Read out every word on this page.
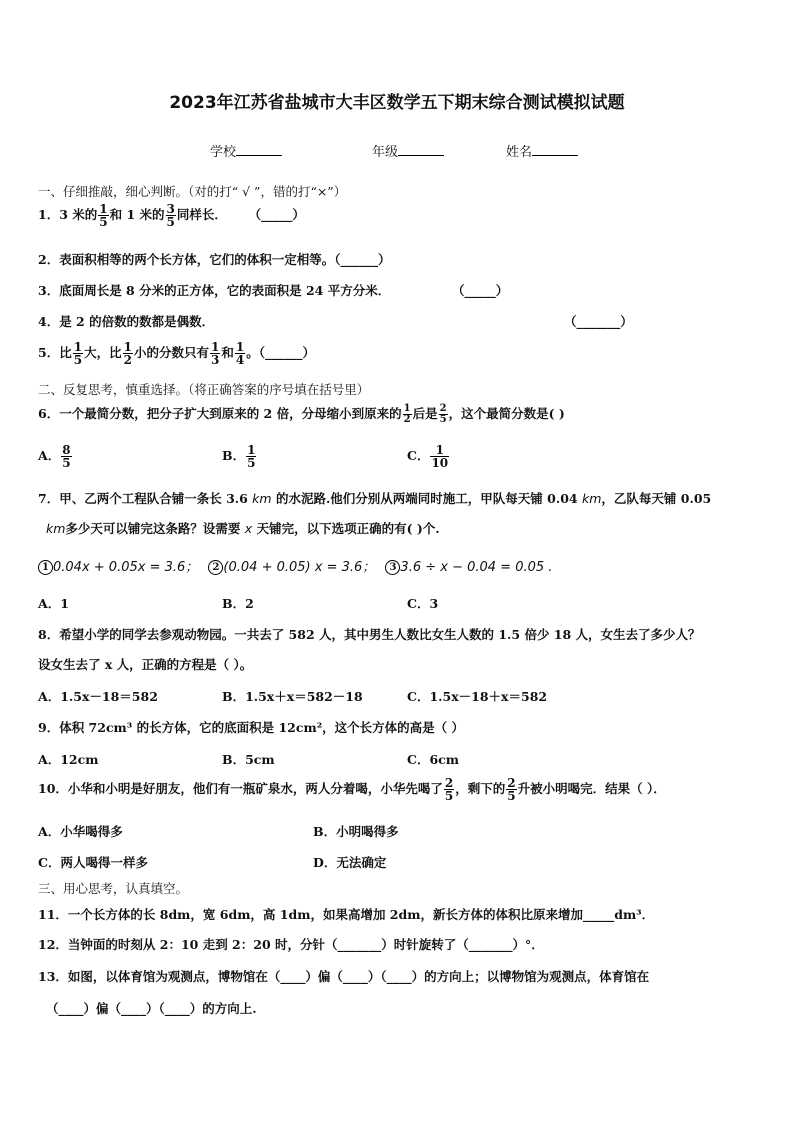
2023年江苏省盐城市大丰区数学五下期末综合测试模拟试题
学校	年级	姓名
一、仔细推敲，细心判断。（对的打“ √ ”，错的打“×”）
1．3 米的 $\frac{1}{5}$ 和 1 米的 $\frac{3}{5}$ 同样长． （_____）
2．表面积相等的两个长方体，它们的体积一定相等。（______）
3．底面周长是 8 分米的正方体，它的表面积是 24 平方分米．	（_____）
4．是 2 的倍数的数都是偶数．	（_______）
5．比 $\frac{1}{5}$ 大，比 $\frac{1}{2}$ 小的分数只有 $\frac{1}{3}$ 和 $\frac{1}{4}$ 。（______）
二、反复思考，慎重选择。（将正确答案的序号填在括号里）
6．一个最简分数，把分子扩大到原来的 2 倍，分母缩小到原来的 $\frac{1}{2}$ 后是 $\frac{2}{5}$ ，这个最简分数是( )
A． $\frac{8}{5}$	B． $\frac{1}{5}$	C． $\frac{1}{10}$
7．甲、乙两个工程队合铺一条长 3.6 km 的水泥路.他们分别从两端同时施工，甲队每天铺 0.04 km，乙队每天铺 0.05
km多少天可以铺完这条路？设需要 x 天铺完，以下选项正确的有( )个.
1 0.04x + 0.05x = 3.6； 2 (0.04 + 0.05) x = 3.6； 3 3.6 ÷ x − 0.04 = 0.05 .
A．1	B．2	C．3
8．希望小学的同学去参观动物园。一共去了 582 人，其中男生人数比女生人数的 1.5 倍少 18 人，女生去了多少人？
设女生去了 x 人，正确的方程是（ ）。
A．1.5x－18＝582	B．1.5x＋x＝582－18	C．1.5x－18＋x＝582
9．体积 72cm³ 的长方体，它的底面积是 12cm²，这个长方体的高是（ ）
A．12cm	B．5cm	C．6cm
10．小华和小明是好朋友，他们有一瓶矿泉水，两人分着喝，小华先喝了 $\frac{2}{5}$ ，剩下的 $\frac{2}{5}$ 升被小明喝完．结果（ ）．
A．小华喝得多	B．小明喝得多
C．两人喝得一样多	D．无法确定
三、用心思考，认真填空。
11．一个长方体的长 8dm，宽 6dm，高 1dm，如果高增加 2dm，新长方体的体积比原来增加_____dm³．
12．当钟面的时刻从 2：10 走到 2：20 时，分针（_______）时针旋转了（_______）°．
13．如图，以体育馆为观测点，博物馆在（____）偏（____）（____）的方向上；以博物馆为观测点，体育馆在
（____）偏（____）（____）的方向上.
